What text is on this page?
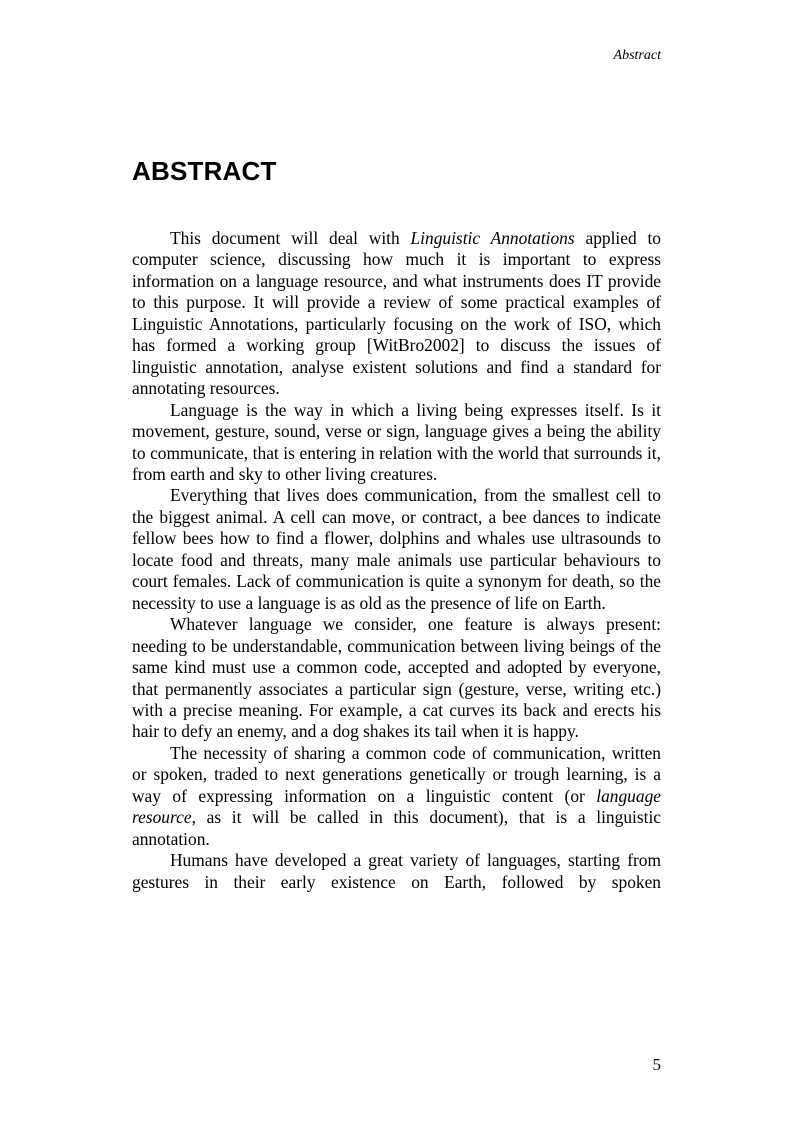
Abstract
ABSTRACT

This document will deal with Linguistic Annotations applied to computer science, discussing how much it is important to express information on a language resource, and what instruments does IT provide to this purpose. It will provide a review of some practical examples of Linguistic Annotations, particularly focusing on the work of ISO, which has formed a working group [WitBro2002] to discuss the issues of linguistic annotation, analyse existent solutions and find a standard for annotating resources.

Language is the way in which a living being expresses itself. Is it movement, gesture, sound, verse or sign, language gives a being the ability to communicate, that is entering in relation with the world that surrounds it, from earth and sky to other living creatures.

Everything that lives does communication, from the smallest cell to the biggest animal. A cell can move, or contract, a bee dances to indicate fellow bees how to find a flower, dolphins and whales use ultrasounds to locate food and threats, many male animals use particular behaviours to court females. Lack of communication is quite a synonym for death, so the necessity to use a language is as old as the presence of life on Earth.

Whatever language we consider, one feature is always present: needing to be understandable, communication between living beings of the same kind must use a common code, accepted and adopted by everyone, that permanently associates a particular sign (gesture, verse, writing etc.) with a precise meaning. For example, a cat curves its back and erects his hair to defy an enemy, and a dog shakes its tail when it is happy.

The necessity of sharing a common code of communication, written or spoken, traded to next generations genetically or trough learning, is a way of expressing information on a linguistic content (or language resource, as it will be called in this document), that is a linguistic annotation.

Humans have developed a great variety of languages, starting from gestures in their early existence on Earth, followed by spoken

5
